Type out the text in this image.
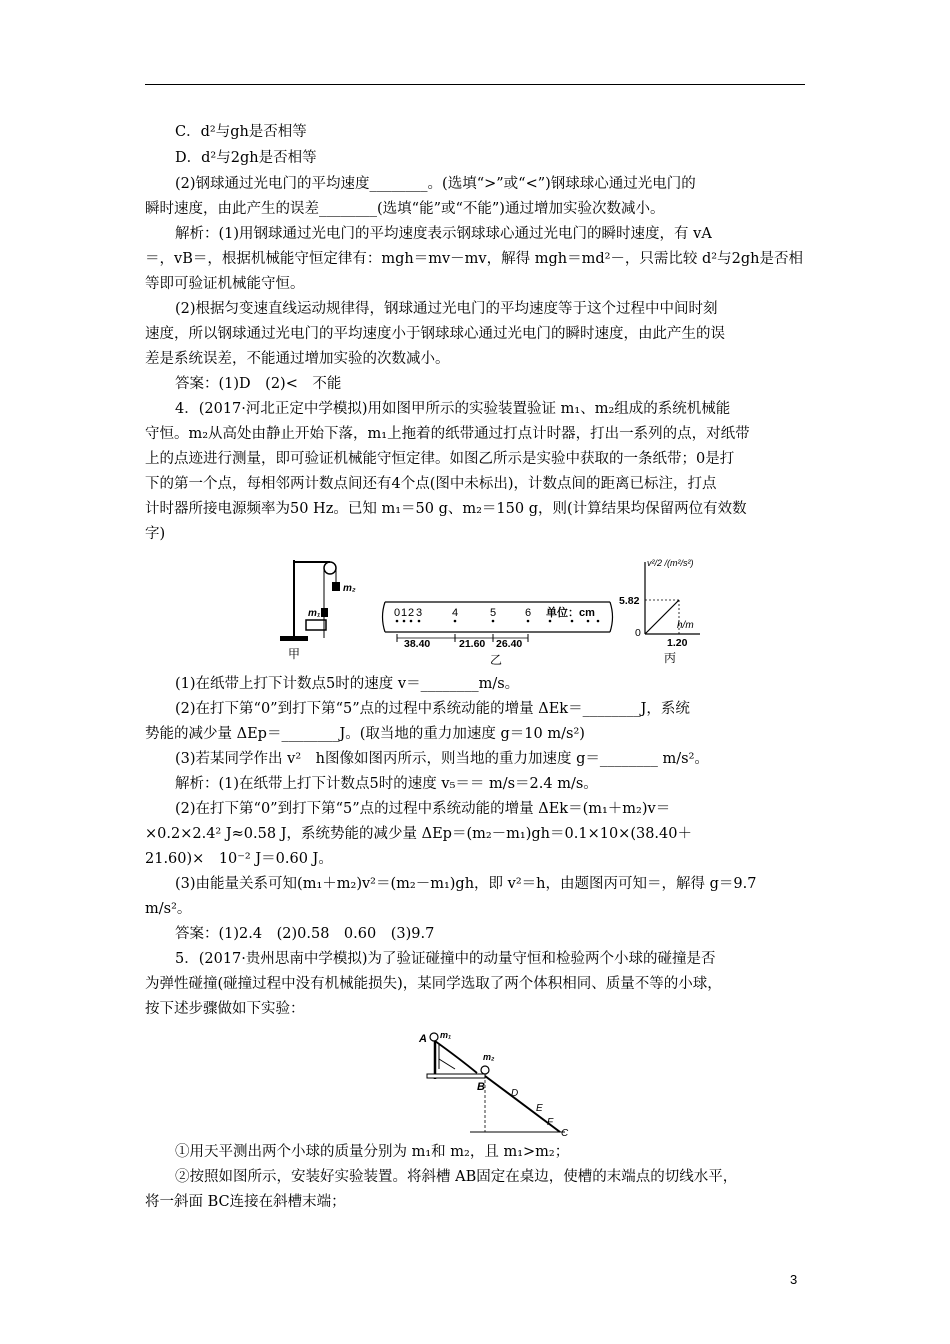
C．d²与gh是否相等
D．d²与2gh是否相等
(2)钢球通过光电门的平均速度________。(选填“>”或“<”)钢球球心通过光电门的
瞬时速度，由此产生的误差________(选填“能”或“不能”)通过增加实验次数减小。
解析：(1)用钢球通过光电门的平均速度表示钢球球心通过光电门的瞬时速度，有 vA
＝，vB＝，根据机械能守恒定律有：mgh＝mv－mv，解得 mgh＝md²－，只需比较 d²与2gh是否相
等即可验证机械能守恒。
(2)根据匀变速直线运动规律得，钢球通过光电门的平均速度等于这个过程中中间时刻
速度，所以钢球通过光电门的平均速度小于钢球球心通过光电门的瞬时速度，由此产生的误
差是系统误差，不能通过增加实验的次数减小。
答案：(1)D　(2)<　不能
4．(2017·河北正定中学模拟)用如图甲所示的实验装置验证 m₁、m₂组成的系统机械能
守恒。m₂从高处由静止开始下落，m₁上拖着的纸带通过打点计时器，打出一系列的点，对纸带
上的点迹进行测量，即可验证机械能守恒定律。如图乙所示是实验中获取的一条纸带；0是打
下的第一个点，每相邻两计数点间还有4个点(图中未标出)，计数点间的距离已标注，打点
计时器所接电源频率为50 Hz。已知 m₁＝50 g、m₂＝150 g，则(计算结果均保留两位有效数
字)
m₂
m₁
甲
0 1 2 3	4	5	6 单位：cm
38.40	21.60 26.40
乙
v²/2 /(m²/s²)
5.82
0
h/m
1.20
丙
(1)在纸带上打下计数点5时的速度 v＝________m/s。
(2)在打下第“0”到打下第“5”点的过程中系统动能的增量 ΔEk＝________J，系统
势能的减少量 ΔEp＝________J。(取当地的重力加速度 g＝10 m/s²)
(3)若某同学作出 v²　h图像如图丙所示，则当地的重力加速度 g＝________ m/s²。
解析：(1)在纸带上打下计数点5时的速度 v₅＝＝ m/s＝2.4 m/s。
(2)在打下第“0”到打下第“5”点的过程中系统动能的增量 ΔEk＝(m₁＋m₂)v＝
×0.2×2.4² J≈0.58 J，系统势能的减少量 ΔEp＝(m₂－m₁)gh＝0.1×10×(38.40＋
21.60)×　10⁻² J＝0.60 J。
(3)由能量关系可知(m₁＋m₂)v²＝(m₂－m₁)gh，即 v²＝h，由题图丙可知＝，解得 g＝9.7
m/s²。
答案：(1)2.4　(2)0.58　0.60　(3)9.7
5．(2017·贵州思南中学模拟)为了验证碰撞中的动量守恒和检验两个小球的碰撞是否
为弹性碰撞(碰撞过程中没有机械能损失)，某同学选取了两个体积相同、质量不等的小球，
按下述步骤做如下实验：
A m₁
m₂
B
D
E
F
C
①用天平测出两个小球的质量分别为 m₁和 m₂，且 m₁>m₂；
②按照如图所示，安装好实验装置。将斜槽 AB固定在桌边，使槽的末端点的切线水平，
将一斜面 BC连接在斜槽末端；
3
